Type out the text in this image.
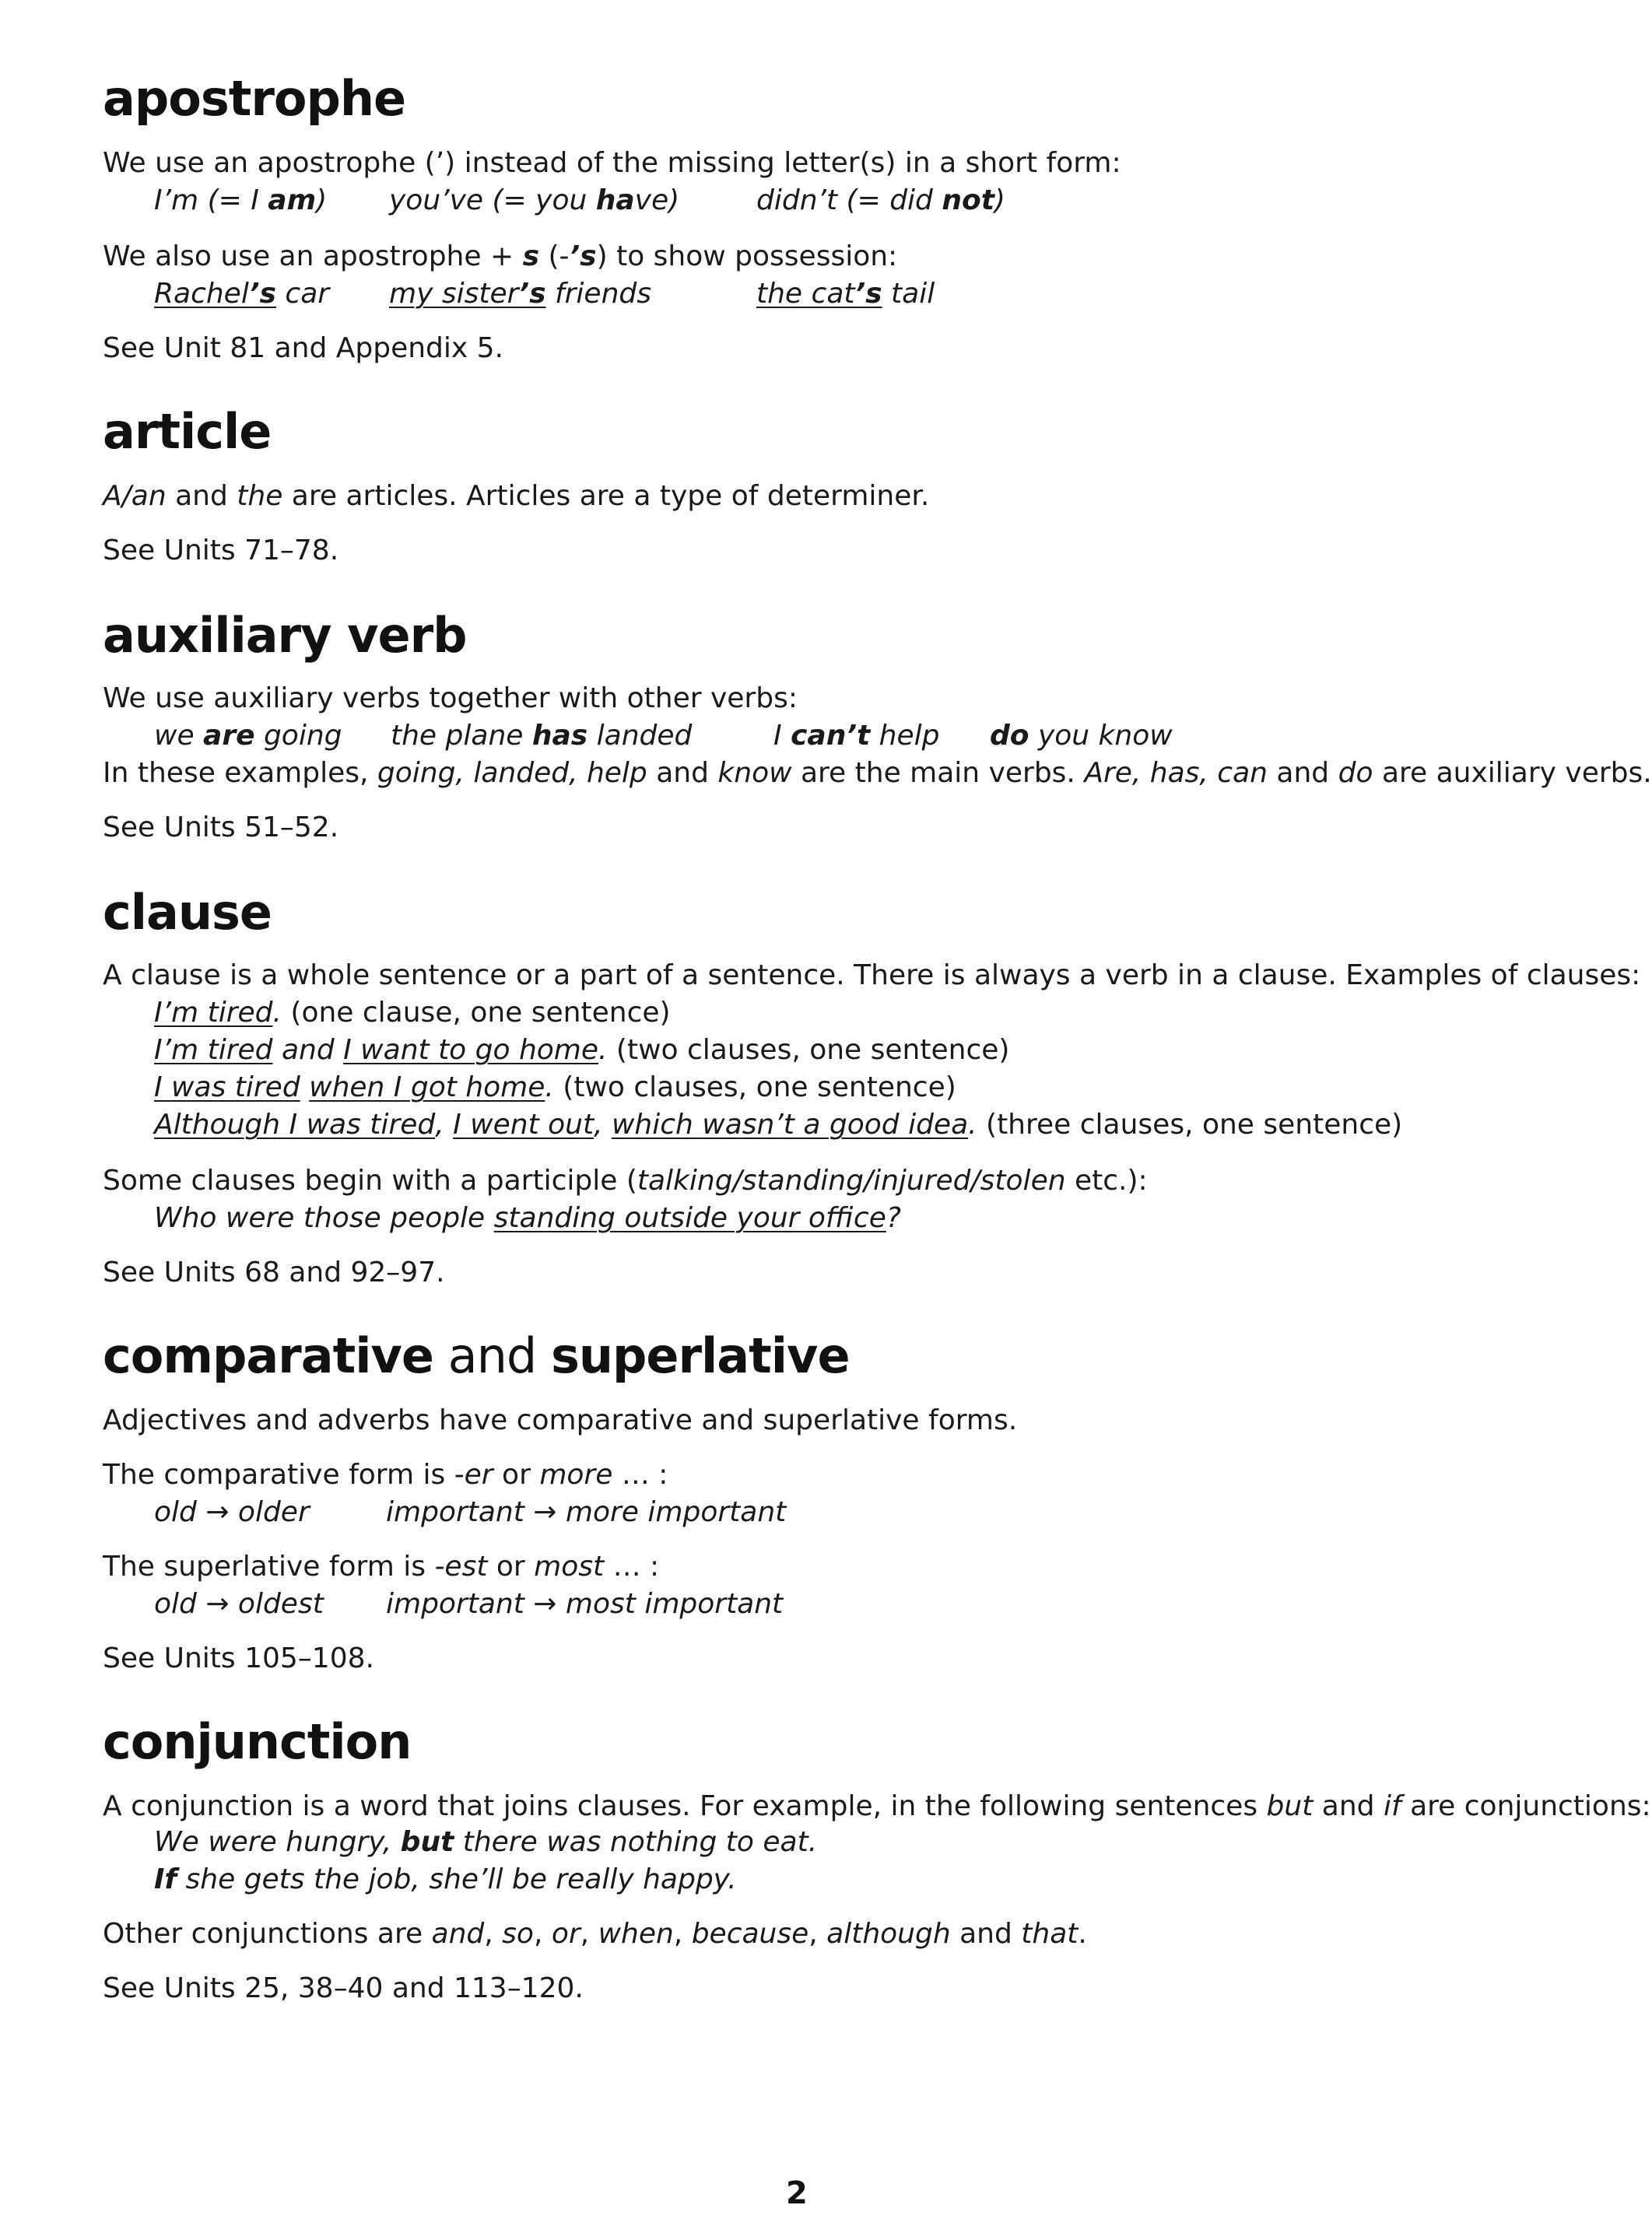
apostrophe

We use an apostrophe (’) instead of the missing letter(s) in a short form:

I’m (= I am) you’ve (= you have)	didn’t (= did not)

We also use an apostrophe + s (-’s) to show possession:

Rachel’s car my sister’s friends	the cat’s tail

See Unit 81 and Appendix 5.

article

A/an and the are articles. Articles are a type of determiner.

See Units 71–78.

auxiliary verb

We use auxiliary verbs together with other verbs:

we are going the plane has landed	I can’t help do you know

In these examples, going, landed, help and know are the main verbs. Are, has, can and do are auxiliary verbs.

See Units 51–52.

clause

A clause is a whole sentence or a part of a sentence. There is always a verb in a clause. Examples of clauses:

I’m tired. (one clause, one sentence)

I’m tired and I want to go home. (two clauses, one sentence)

I was tired when I got home. (two clauses, one sentence)

Although I was tired, I went out, which wasn’t a good idea. (three clauses, one sentence)

Some clauses begin with a participle (talking/standing/injured/stolen etc.):

Who were those people standing outside your office?

See Units 68 and 92–97.

comparative and superlative

Adjectives and adverbs have comparative and superlative forms.

The comparative form is -er or more … :

old → older	important → more important

The superlative form is -est or most … :

old → oldest important → most important

See Units 105–108.

conjunction

A conjunction is a word that joins clauses. For example, in the following sentences but and if are conjunctions:

We were hungry, but there was nothing to eat.

If she gets the job, she’ll be really happy.

Other conjunctions are and, so, or, when, because, although and that.

See Units 25, 38–40 and 113–120.

2
